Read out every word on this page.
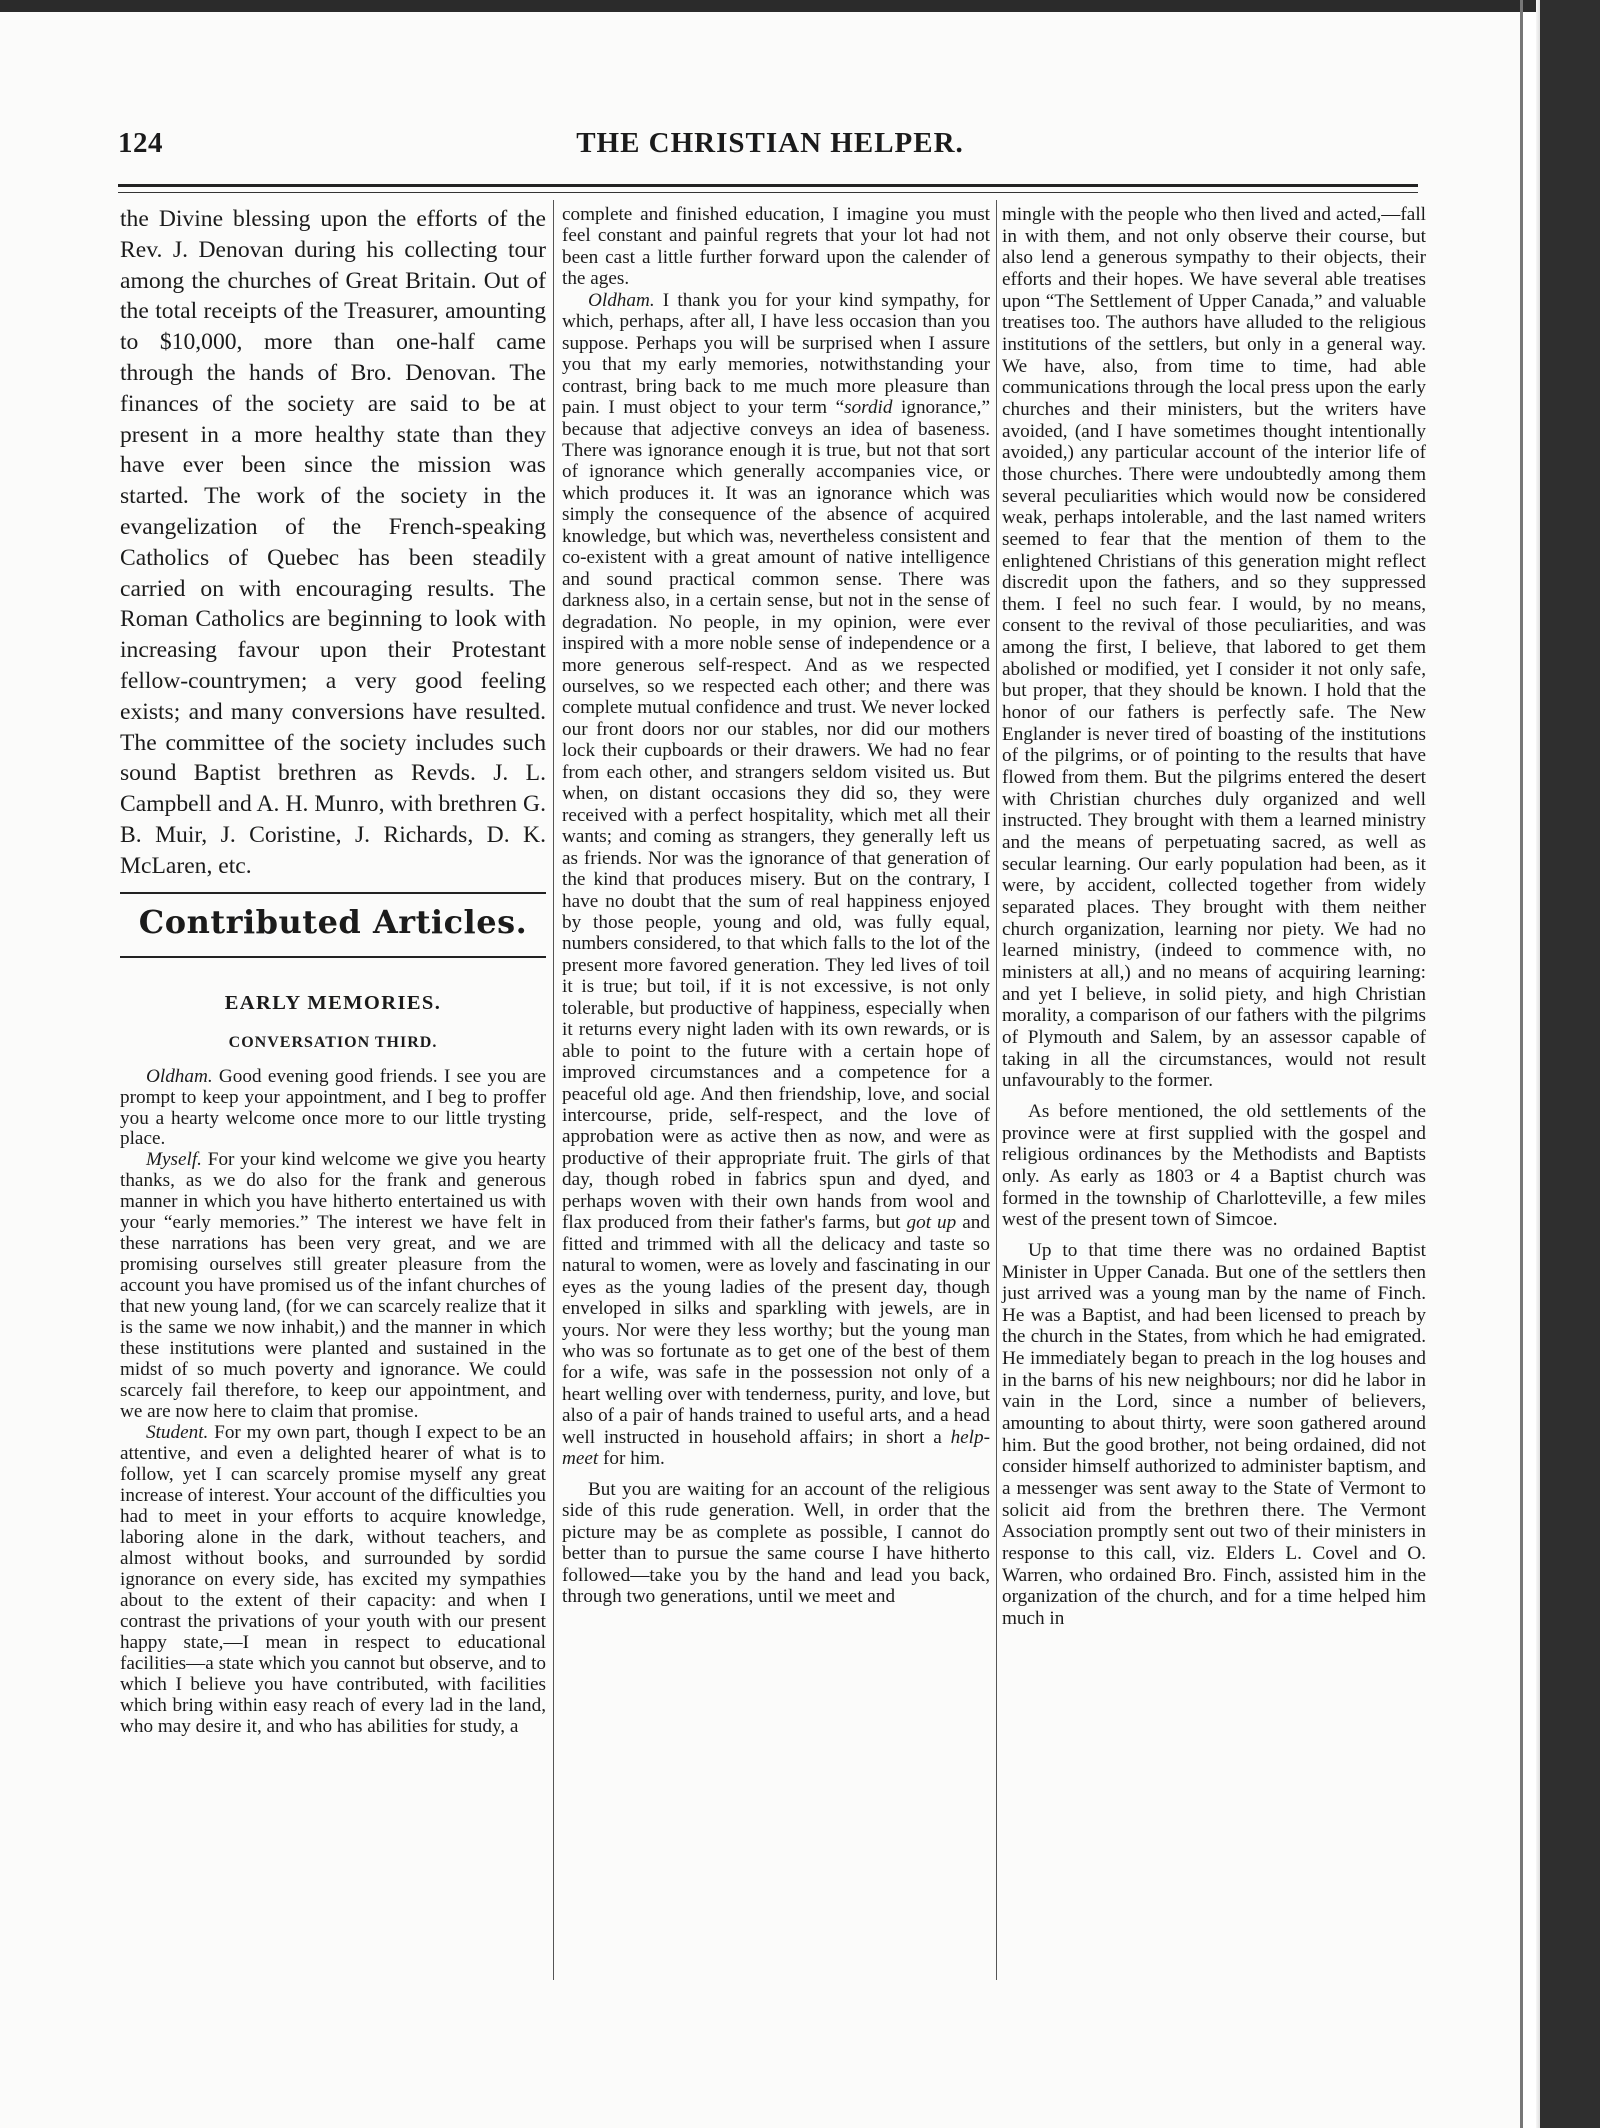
124	THE CHRISTIAN HELPER.

the Divine blessing upon the efforts of the Rev. J. Denovan during his collecting tour among the churches of Great Britain. Out of the total receipts of the Treasurer, amounting to $10,000, more than one-half came through the hands of Bro. Denovan. The finances of the society are said to be at present in a more healthy state than they have ever been since the mission was started. The work of the society in the evangelization of the French-speaking Catholics of Quebec has been steadily carried on with encouraging results. The Roman Catholics are beginning to look with increasing favour upon their Protestant fellow-countrymen; a very good feeling exists; and many conversions have resulted. The committee of the society includes such sound Baptist brethren as Revds. J. L. Campbell and A. H. Munro, with brethren G. B. Muir, J. Coristine, J. Richards, D. K. McLaren, etc.

Contributed Articles.
EARLY MEMORIES.
CONVERSATION THIRD.

Oldham. Good evening good friends. I see you are prompt to keep your appointment, and I beg to proffer you a hearty welcome once more to our little trysting place.

Myself. For your kind welcome we give you hearty thanks, as we do also for the frank and generous manner in which you have hitherto entertained us with your “early memories.” The interest we have felt in these narrations has been very great, and we are promising ourselves still greater pleasure from the account you have promised us of the infant churches of that new young land, (for we can scarcely realize that it is the same we now inhabit,) and the manner in which these institutions were planted and sustained in the midst of so much poverty and ignorance. We could scarcely fail therefore, to keep our appointment, and we are now here to claim that promise.

Student. For my own part, though I expect to be an attentive, and even a delighted hearer of what is to follow, yet I can scarcely promise myself any great increase of interest. Your account of the difficulties you had to meet in your efforts to acquire knowledge, laboring alone in the dark, without teachers, and almost without books, and surrounded by sordid ignorance on every side, has excited my sympathies about to the extent of their capacity: and when I contrast the privations of your youth with our present happy state,—I mean in respect to educational facilities—a state which you cannot but observe, and to which I believe you have contributed, with facilities which bring within easy reach of every lad in the land, who may desire it, and who has abilities for study, a

complete and finished education, I imagine you must feel constant and painful regrets that your lot had not been cast a little further forward upon the calender of the ages.

Oldham. I thank you for your kind sympathy, for which, perhaps, after all, I have less occasion than you suppose. Perhaps you will be surprised when I assure you that my early memories, notwithstanding your contrast, bring back to me much more pleasure than pain. I must object to your term “sordid ignorance,” because that adjective conveys an idea of baseness. There was ignorance enough it is true, but not that sort of ignorance which generally accompanies vice, or which produces it. It was an ignorance which was simply the consequence of the absence of acquired knowledge, but which was, nevertheless consistent and co-existent with a great amount of native intelligence and sound practical common sense. There was darkness also, in a certain sense, but not in the sense of degradation. No people, in my opinion, were ever inspired with a more noble sense of independence or a more generous self-respect. And as we respected ourselves, so we respected each other; and there was complete mutual confidence and trust. We never locked our front doors nor our stables, nor did our mothers lock their cupboards or their drawers. We had no fear from each other, and strangers seldom visited us. But when, on distant occasions they did so, they were received with a perfect hospitality, which met all their wants; and coming as strangers, they generally left us as friends. Nor was the ignorance of that generation of the kind that produces misery. But on the contrary, I have no doubt that the sum of real happiness enjoyed by those people, young and old, was fully equal, numbers considered, to that which falls to the lot of the present more favored generation. They led lives of toil it is true; but toil, if it is not excessive, is not only tolerable, but productive of happiness, especially when it returns every night laden with its own rewards, or is able to point to the future with a certain hope of improved circumstances and a competence for a peaceful old age. And then friendship, love, and social intercourse, pride, self-respect, and the love of approbation were as active then as now, and were as productive of their appropriate fruit. The girls of that day, though robed in fabrics spun and dyed, and perhaps woven with their own hands from wool and flax produced from their father's farms, but got up and fitted and trimmed with all the delicacy and taste so natural to women, were as lovely and fascinating in our eyes as the young ladies of the present day, though enveloped in silks and sparkling with jewels, are in yours. Nor were they less worthy; but the young man who was so fortunate as to get one of the best of them for a wife, was safe in the possession not only of a heart welling over with tenderness, purity, and love, but also of a pair of hands trained to useful arts, and a head well instructed in household affairs; in short a help-meet for him.

But you are waiting for an account of the religious side of this rude generation. Well, in order that the picture may be as complete as possible, I cannot do better than to pursue the same course I have hitherto followed—take you by the hand and lead you back, through two generations, until we meet and

mingle with the people who then lived and acted,—fall in with them, and not only observe their course, but also lend a generous sympathy to their objects, their efforts and their hopes. We have several able treatises upon “The Settlement of Upper Canada,” and valuable treatises too. The authors have alluded to the religious institutions of the settlers, but only in a general way. We have, also, from time to time, had able communications through the local press upon the early churches and their ministers, but the writers have avoided, (and I have sometimes thought intentionally avoided,) any particular account of the interior life of those churches. There were undoubtedly among them several peculiarities which would now be considered weak, perhaps intolerable, and the last named writers seemed to fear that the mention of them to the enlightened Christians of this generation might reflect discredit upon the fathers, and so they suppressed them. I feel no such fear. I would, by no means, consent to the revival of those peculiarities, and was among the first, I believe, that labored to get them abolished or modified, yet I consider it not only safe, but proper, that they should be known. I hold that the honor of our fathers is perfectly safe. The New Englander is never tired of boasting of the institutions of the pilgrims, or of pointing to the results that have flowed from them. But the pilgrims entered the desert with Christian churches duly organized and well instructed. They brought with them a learned ministry and the means of perpetuating sacred, as well as secular learning. Our early population had been, as it were, by accident, collected together from widely separated places. They brought with them neither church organization, learning nor piety. We had no learned ministry, (indeed to commence with, no ministers at all,) and no means of acquiring learning: and yet I believe, in solid piety, and high Christian morality, a comparison of our fathers with the pilgrims of Plymouth and Salem, by an assessor capable of taking in all the circumstances, would not result unfavourably to the former.

As before mentioned, the old settlements of the province were at first supplied with the gospel and religious ordinances by the Methodists and Baptists only. As early as 1803 or 4 a Baptist church was formed in the township of Charlotteville, a few miles west of the present town of Simcoe.

Up to that time there was no ordained Baptist Minister in Upper Canada. But one of the settlers then just arrived was a young man by the name of Finch. He was a Baptist, and had been licensed to preach by the church in the States, from which he had emigrated. He immediately began to preach in the log houses and in the barns of his new neighbours; nor did he labor in vain in the Lord, since a number of believers, amounting to about thirty, were soon gathered around him. But the good brother, not being ordained, did not consider himself authorized to administer baptism, and a messenger was sent away to the State of Vermont to solicit aid from the brethren there. The Vermont Association promptly sent out two of their ministers in response to this call, viz. Elders L. Covel and O. Warren, who ordained Bro. Finch, assisted him in the organization of the church, and for a time helped him much in
